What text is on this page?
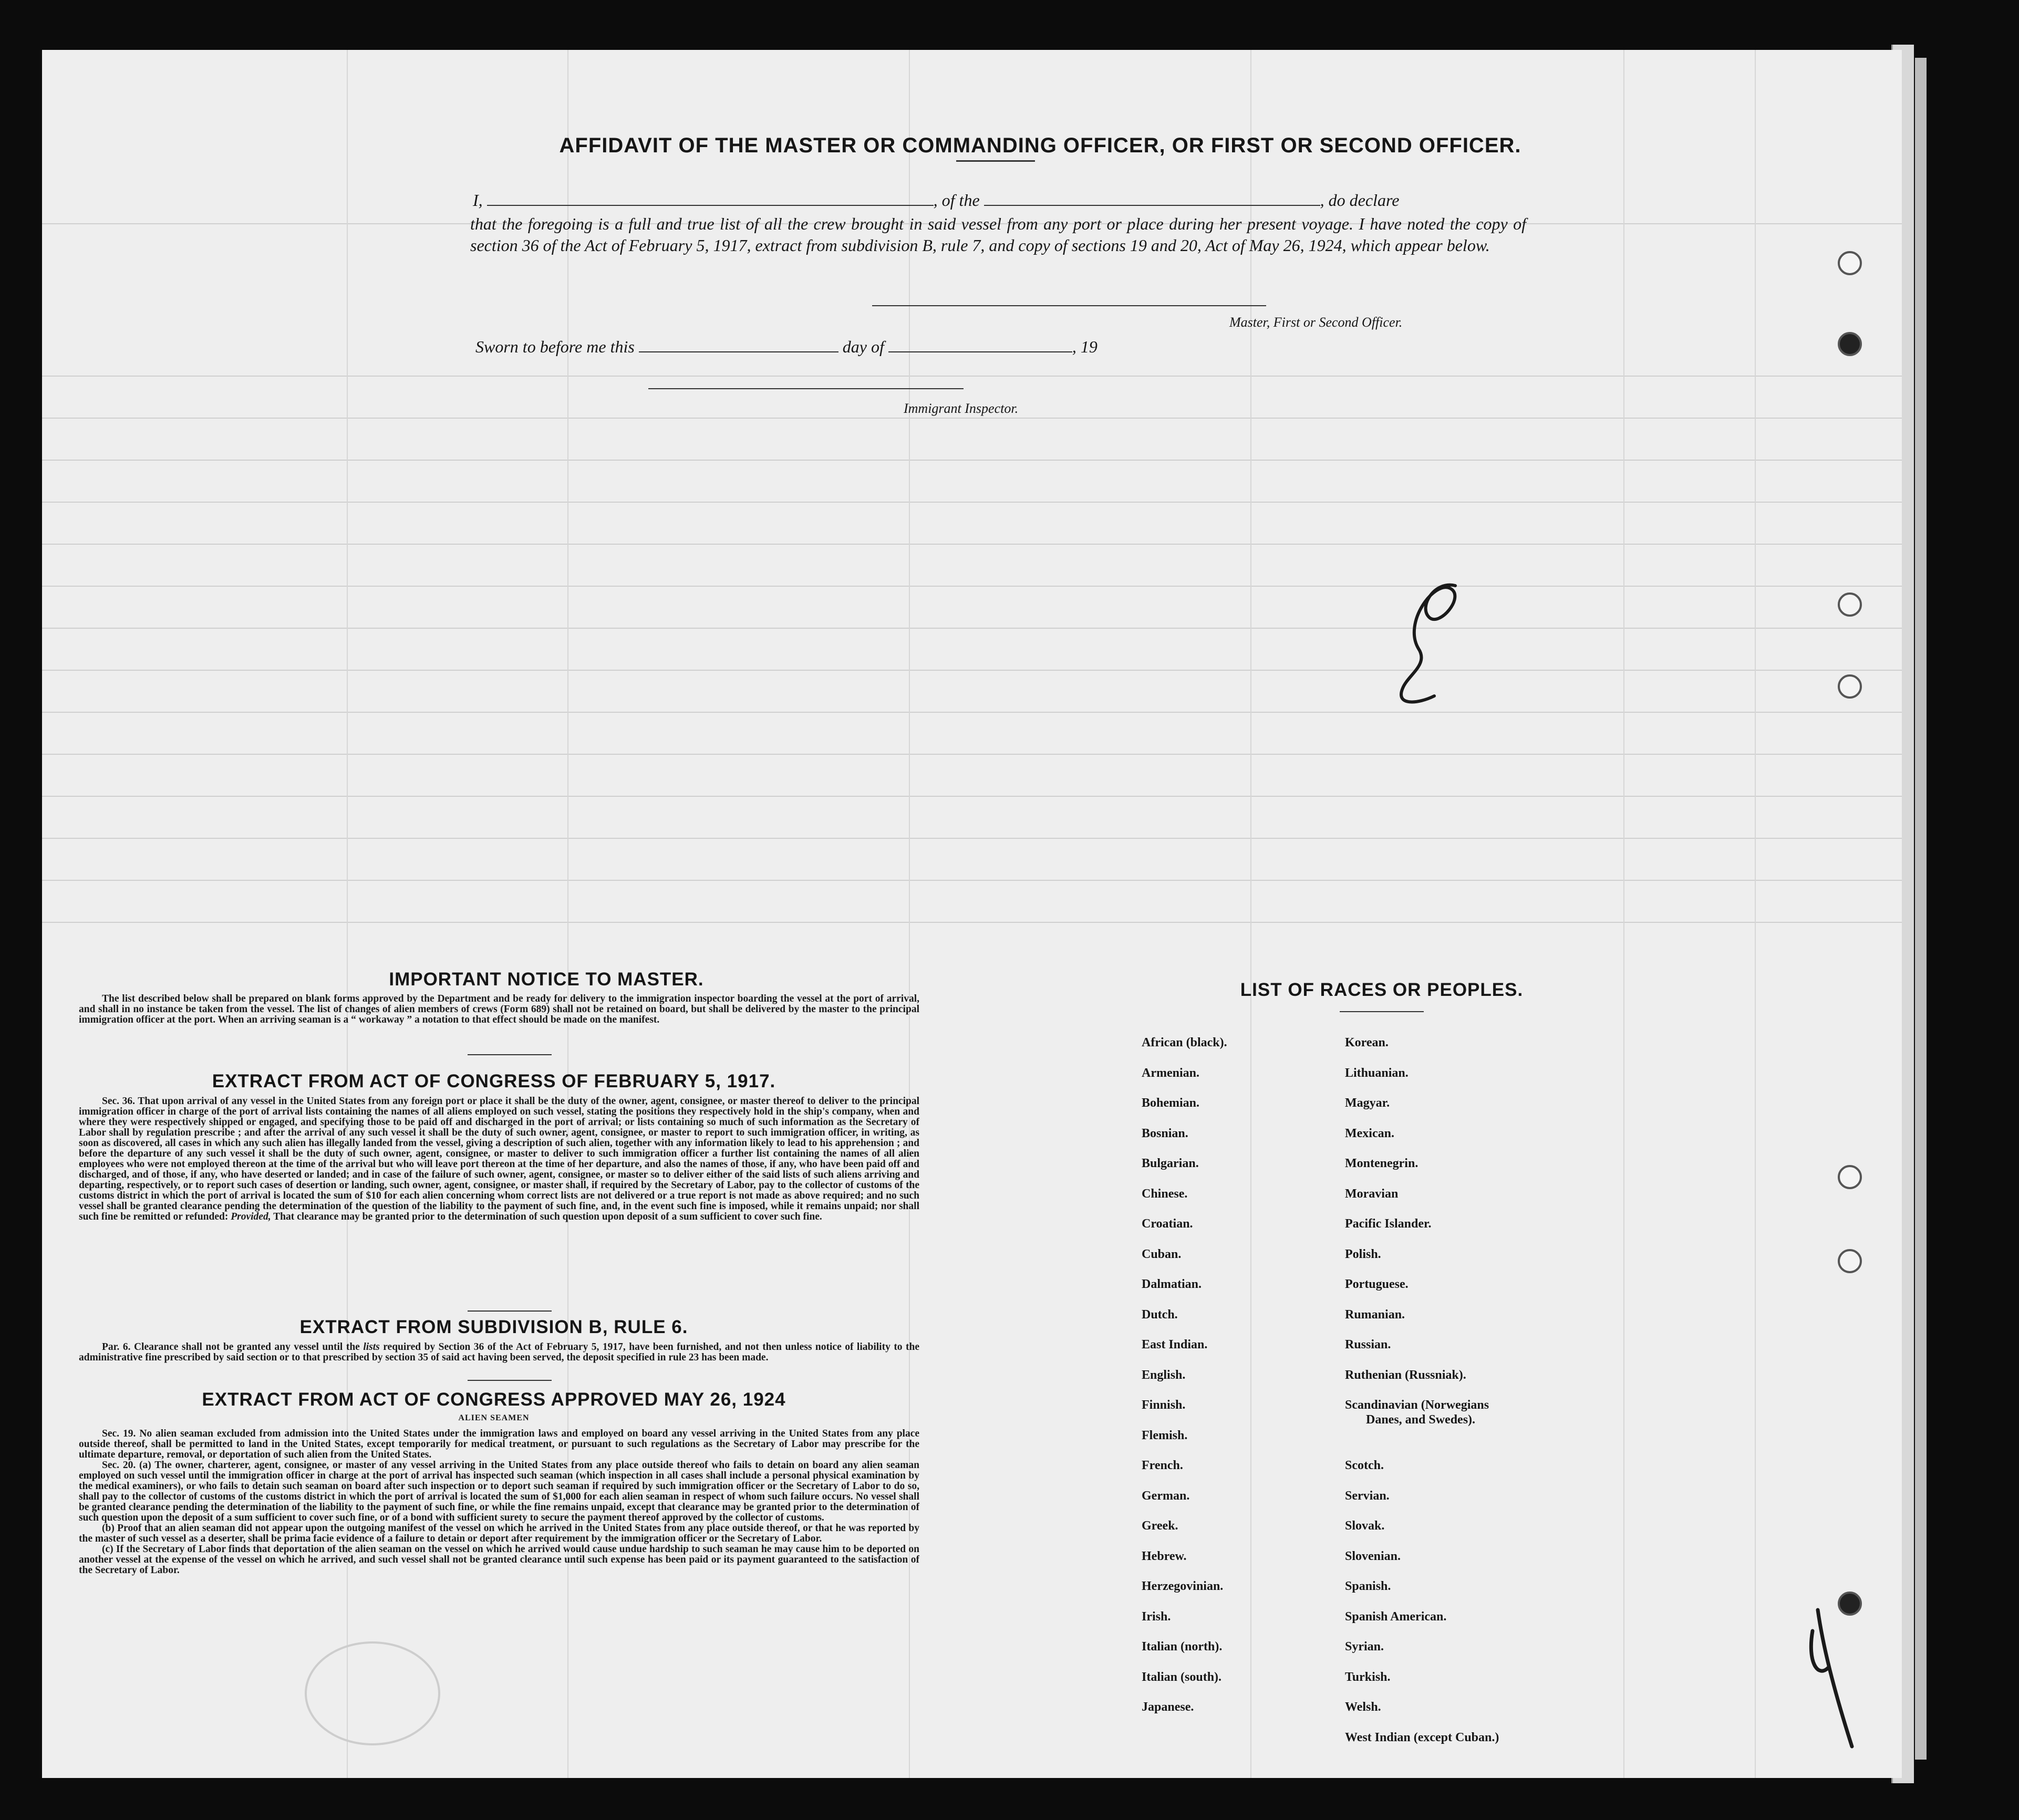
AFFIDAVIT OF THE MASTER OR COMMANDING OFFICER, OR FIRST OR SECOND OFFICER.
I,	, of the	, do declare
that the foregoing is a full and true list of all the crew brought in said vessel from any port or place during her present voyage. I have noted the copy of section 36 of the Act of February 5, 1917, extract from subdivision B, rule 7, and copy of sections 19 and 20, Act of May 26, 1924, which appear below.
Master, First or Second Officer.
Sworn to before me this	day of	, 19
Immigrant Inspector.
IMPORTANT NOTICE TO MASTER.

The list described below shall be prepared on blank forms approved by the Department and be ready for delivery to the immigration inspector boarding the vessel at the port of arrival, and shall in no instance be taken from the vessel. The list of changes of alien members of crews (Form 689) shall not be retained on board, but shall be delivered by the master to the principal immigration officer at the port. When an arriving seaman is a “ workaway ” a notation to that effect should be made on the manifest.

EXTRACT FROM ACT OF CONGRESS OF FEBRUARY 5, 1917.

Sec. 36. That upon arrival of any vessel in the United States from any foreign port or place it shall be the duty of the owner, agent, consignee, or master thereof to deliver to the principal immigration officer in charge of the port of arrival lists containing the names of all aliens employed on such vessel, stating the positions they respectively hold in the ship's company, when and where they were respectively shipped or engaged, and specifying those to be paid off and discharged in the port of arrival; or lists containing so much of such information as the Secretary of Labor shall by regulation prescribe ; and after the arrival of any such vessel it shall be the duty of such owner, agent, consignee, or master to report to such immigration officer, in writing, as soon as discovered, all cases in which any such alien has illegally landed from the vessel, giving a description of such alien, together with any information likely to lead to his apprehension ; and before the departure of any such vessel it shall be the duty of such owner, agent, consignee, or master to deliver to such immigration officer a further list containing the names of all alien employees who were not employed thereon at the time of the arrival but who will leave port thereon at the time of her departure, and also the names of those, if any, who have been paid off and discharged, and of those, if any, who have deserted or landed; and in case of the failure of such owner, agent, consignee, or master so to deliver either of the said lists of such aliens arriving and departing, respectively, or to report such cases of desertion or landing, such owner, agent, consignee, or master shall, if required by the Secretary of Labor, pay to the collector of customs of the customs district in which the port of arrival is located the sum of $10 for each alien concerning whom correct lists are not delivered or a true report is not made as above required; and no such vessel shall be granted clearance pending the determination of the question of the liability to the payment of such fine, and, in the event such fine is imposed, while it remains unpaid; nor shall such fine be remitted or refunded: Provided, That clearance may be granted prior to the determination of such question upon deposit of a sum sufficient to cover such fine.

EXTRACT FROM SUBDIVISION B, RULE 6.

Par. 6. Clearance shall not be granted any vessel until the lists required by Section 36 of the Act of February 5, 1917, have been furnished, and not then unless notice of liability to the administrative fine prescribed by said section or to that prescribed by section 35 of said act having been served, the deposit specified in rule 23 has been made.

EXTRACT FROM ACT OF CONGRESS APPROVED MAY 26, 1924
ALIEN SEAMEN

Sec. 19. No alien seaman excluded from admission into the United States under the immigration laws and employed on board any vessel arriving in the United States from any place outside thereof, shall be permitted to land in the United States, except temporarily for medical treatment, or pursuant to such regulations as the Secretary of Labor may prescribe for the ultimate departure, removal, or deportation of such alien from the United States.

Sec. 20. (a) The owner, charterer, agent, consignee, or master of any vessel arriving in the United States from any place outside thereof who fails to detain on board any alien seaman employed on such vessel until the immigration officer in charge at the port of arrival has inspected such seaman (which inspection in all cases shall include a personal physical examination by the medical examiners), or who fails to detain such seaman on board after such inspection or to deport such seaman if required by such immigration officer or the Secretary of Labor to do so, shall pay to the collector of customs of the customs district in which the port of arrival is located the sum of $1,000 for each alien seaman in respect of whom such failure occurs. No vessel shall be granted clearance pending the determination of the liability to the payment of such fine, or while the fine remains unpaid, except that clearance may be granted prior to the determination of such question upon the deposit of a sum sufficient to cover such fine, or of a bond with sufficient surety to secure the payment thereof approved by the collector of customs.

(b) Proof that an alien seaman did not appear upon the outgoing manifest of the vessel on which he arrived in the United States from any place outside thereof, or that he was reported by the master of such vessel as a deserter, shall be prima facie evidence of a failure to detain or deport after requirement by the immigration officer or the Secretary of Labor.

(c) If the Secretary of Labor finds that deportation of the alien seaman on the vessel on which he arrived would cause undue hardship to such seaman he may cause him to be deported on another vessel at the expense of the vessel on which he arrived, and such vessel shall not be granted clearance until such expense has been paid or its payment guaranteed to the satisfaction of the Secretary of Labor.

LIST OF RACES OR PEOPLES.
African (black).
Armenian.
Bohemian.
Bosnian.
Bulgarian.
Chinese.
Croatian.
Cuban.
Dalmatian.
Dutch.
East Indian.
English.
Finnish.
Flemish.
French.
German.
Greek.
Hebrew.
Herzegovinian.
Irish.
Italian (north).
Italian (south).
Japanese.
Korean.
Lithuanian.
Magyar.
Mexican.
Montenegrin.
Moravian
Pacific Islander.
Polish.
Portuguese.
Rumanian.
Russian.
Ruthenian (Russniak).
Scandinavian (Norwegians
Danes, and Swedes).
Scotch.
Servian.
Slovak.
Slovenian.
Spanish.
Spanish American.
Syrian.
Turkish.
Welsh.
West Indian (except Cuban.)
